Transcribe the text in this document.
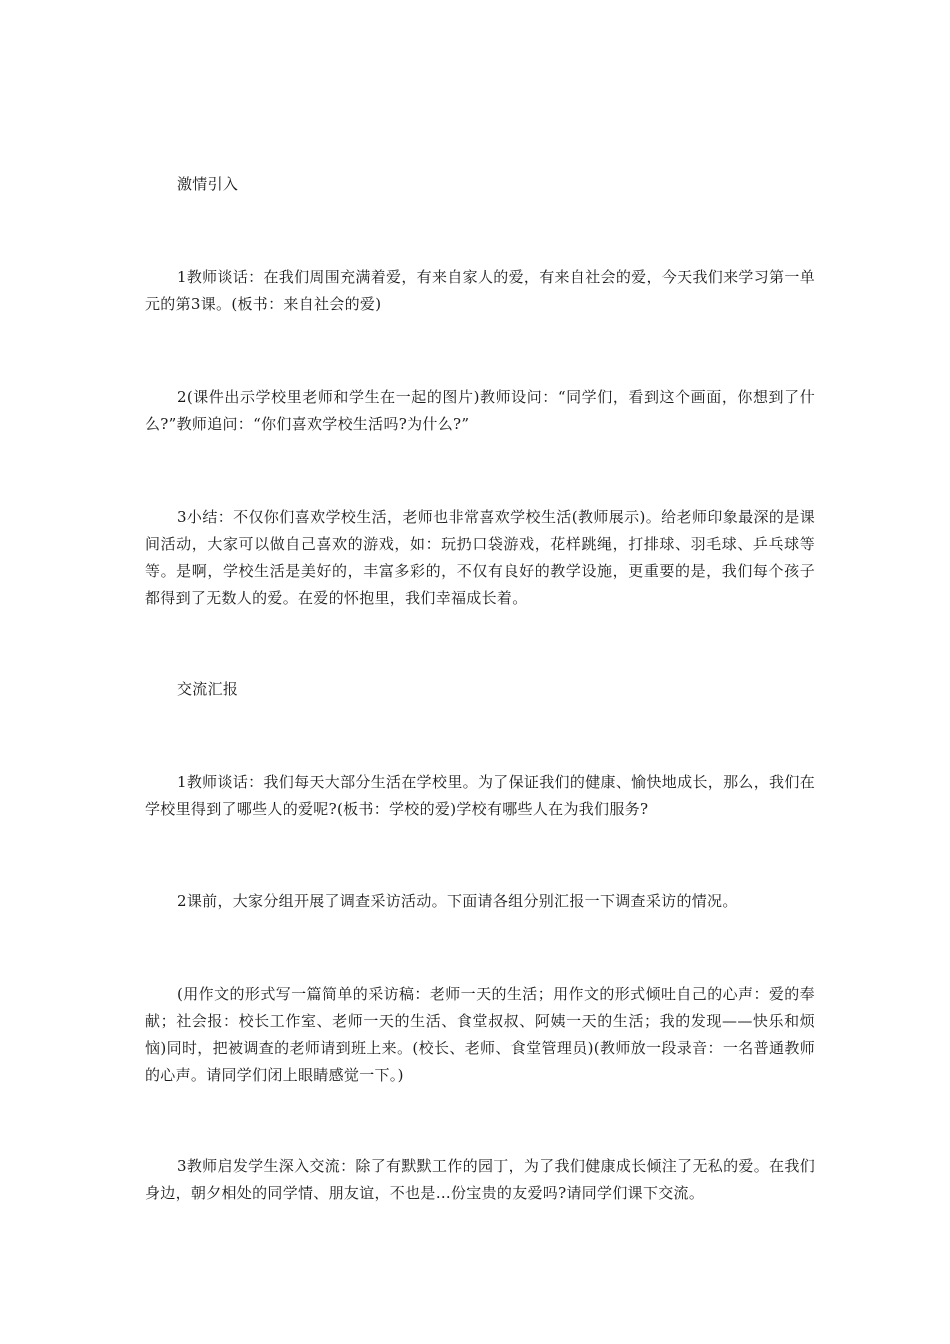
激情引入

1教师谈话：在我们周围充满着爱，有来自家人的爱，有来自社会的爱，今天我们来学习第一单元的第3课。(板书：来自社会的爱)

2(课件出示学校里老师和学生在一起的图片)教师设问：“同学们，看到这个画面，你想到了什么?”教师追问：“你们喜欢学校生活吗?为什么?”

3小结：不仅你们喜欢学校生活，老师也非常喜欢学校生活(教师展示)。给老师印象最深的是课间活动，大家可以做自己喜欢的游戏，如：玩扔口袋游戏，花样跳绳，打排球、羽毛球、乒乓球等等。是啊，学校生活是美好的，丰富多彩的，不仅有良好的教学设施，更重要的是，我们每个孩子都得到了无数人的爱。在爱的怀抱里，我们幸福成长着。

交流汇报

1教师谈话：我们每天大部分生活在学校里。为了保证我们的健康、愉快地成长，那么，我们在学校里得到了哪些人的爱呢?(板书：学校的爱)学校有哪些人在为我们服务?

2课前，大家分组开展了调查采访活动。下面请各组分别汇报一下调查采访的情况。

(用作文的形式写一篇简单的采访稿：老师一天的生活；用作文的形式倾吐自己的心声：爱的奉献；社会报：校长工作室、老师一天的生活、食堂叔叔、阿姨一天的生活；我的发现——快乐和烦恼)同时，把被调查的老师请到班上来。(校长、老师、食堂管理员)(教师放一段录音：一名普通教师的心声。请同学们闭上眼睛感觉一下。)

3教师启发学生深入交流：除了有默默工作的园丁，为了我们健康成长倾注了无私的爱。在我们身边，朝夕相处的同学情、朋友谊，不也是…份宝贵的友爱吗?请同学们课下交流。
